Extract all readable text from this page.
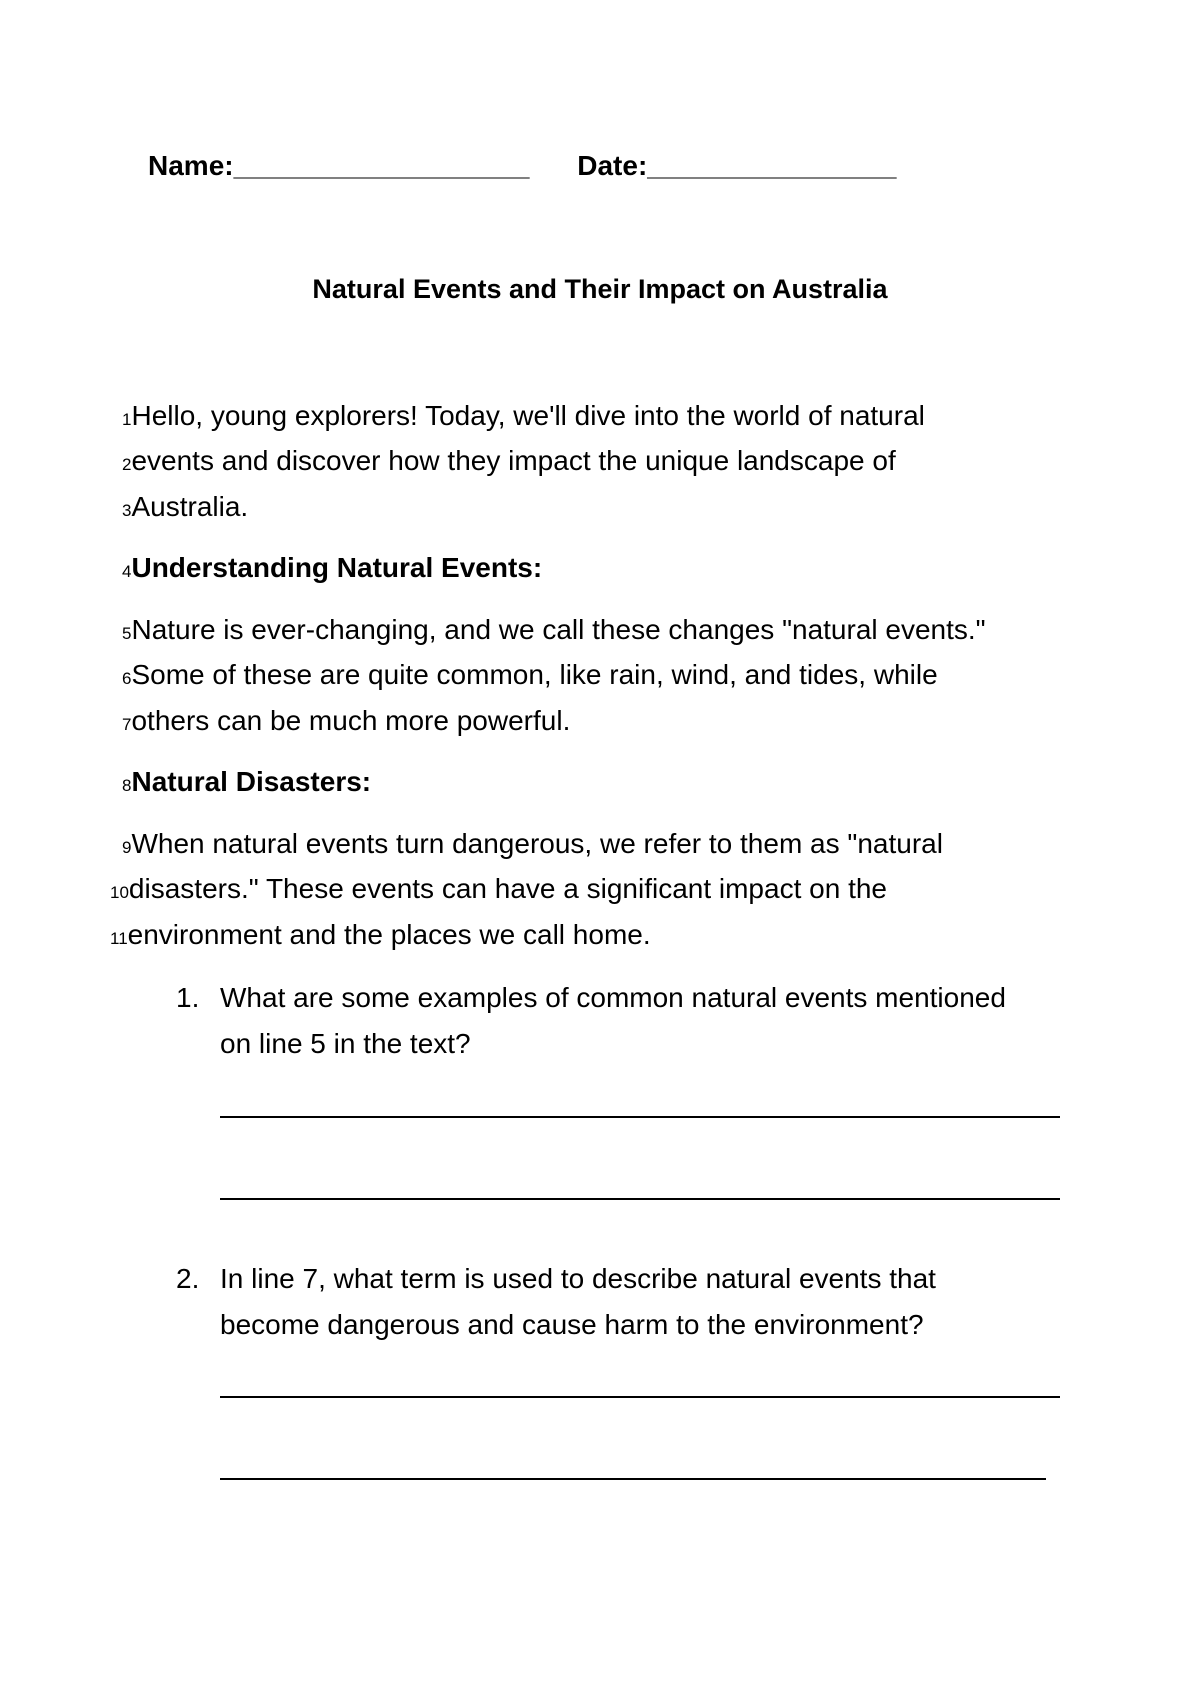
Name:___________________ Date:________________
Natural Events and Their Impact on Australia
1Hello, young explorers! Today, we'll dive into the world of natural
2events and discover how they impact the unique landscape of
3Australia.
4Understanding Natural Events:
5Nature is ever-changing, and we call these changes "natural events."
6Some of these are quite common, like rain, wind, and tides, while
7others can be much more powerful.
8Natural Disasters:
9When natural events turn dangerous, we refer to them as "natural
10disasters." These events can have a significant impact on the
11environment and the places we call home.
1. What are some examples of common natural events mentioned
on line 5 in the text?
2. In line 7, what term is used to describe natural events that
become dangerous and cause harm to the environment?
